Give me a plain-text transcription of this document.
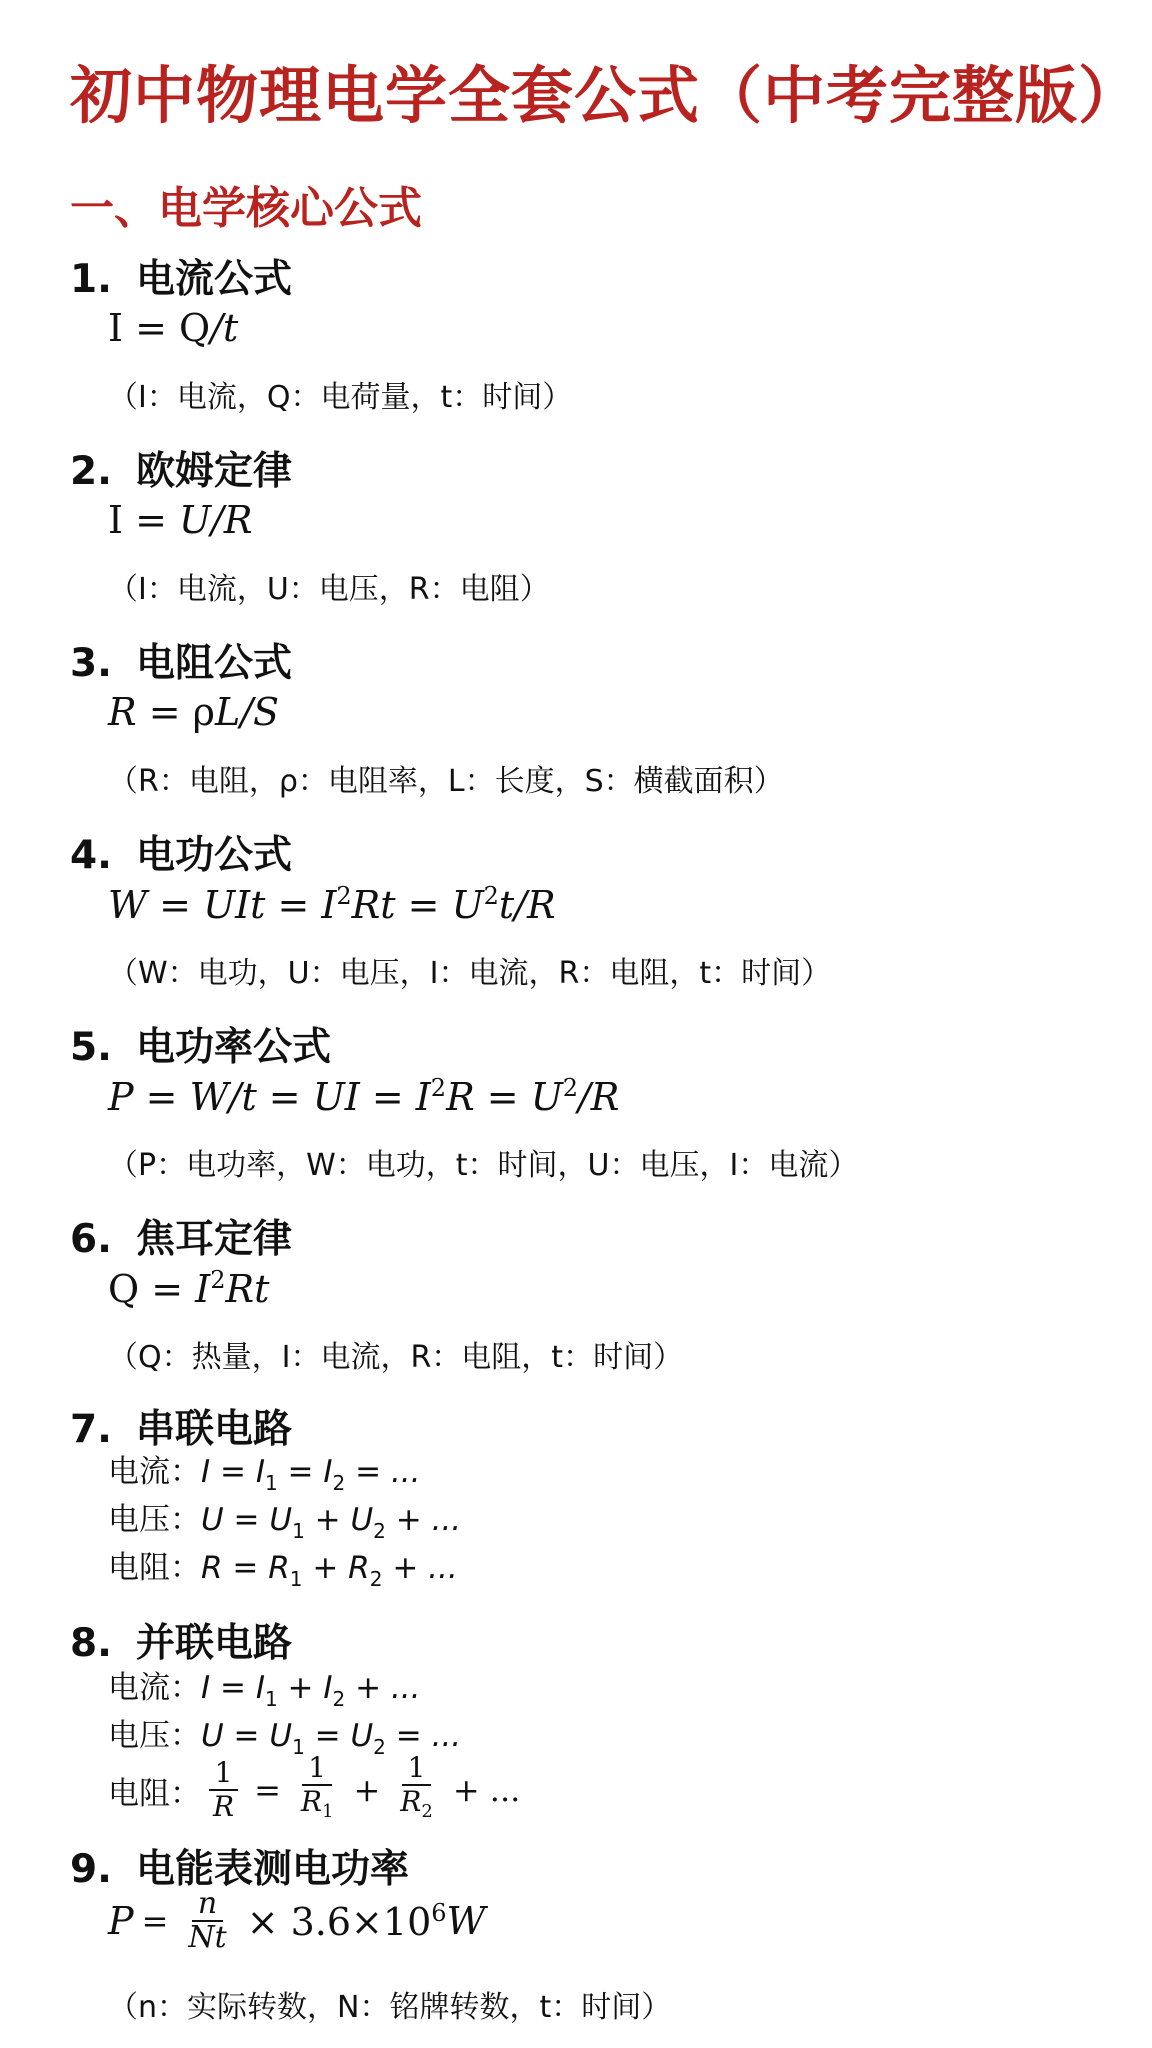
初中物理电学全套公式（中考完整版）
一、电学核心公式
1. 电流公式
I = Q/t
（I：电流，Q：电荷量，t：时间）
2. 欧姆定律
I = U/R
（I：电流，U：电压，R：电阻）
3. 电阻公式
R = ρL/S
（R：电阻，ρ：电阻率，L：长度，S：横截面积）
4. 电功公式
W = UIt = $I^2Rt = U^2t/R$
（W：电功，U：电压，I：电流，R：电阻，t：时间）
5. 电功率公式
P = W/t = UI = $I^2R = U^2/R$
（P：电功率，W：电功，t：时间，U：电压，I：电流）
6. 焦耳定律
$Q = I^2Rt$
（Q：热量，I：电流，R：电阻，t：时间）
7. 串联电路
电流：$I = I_1 = I_2$ = ...
电压：$U = U_1 + U_2$ + ...
电阻：$R = R_1 + R_2$ + ...
8. 并联电路
电流：$I = I_1 + I_2$ + ...
电压：$U = U_1 = U_2$ = ...
电阻： $\frac{1}{R} = \frac{1}{R_1} + \frac{1}{R_2}$ + ...
9. 电能表测电功率
$P = \frac{n}{Nt} \times 3.6\times 10^6$ W
（n：实际转数，N：铭牌转数，t：时间）
